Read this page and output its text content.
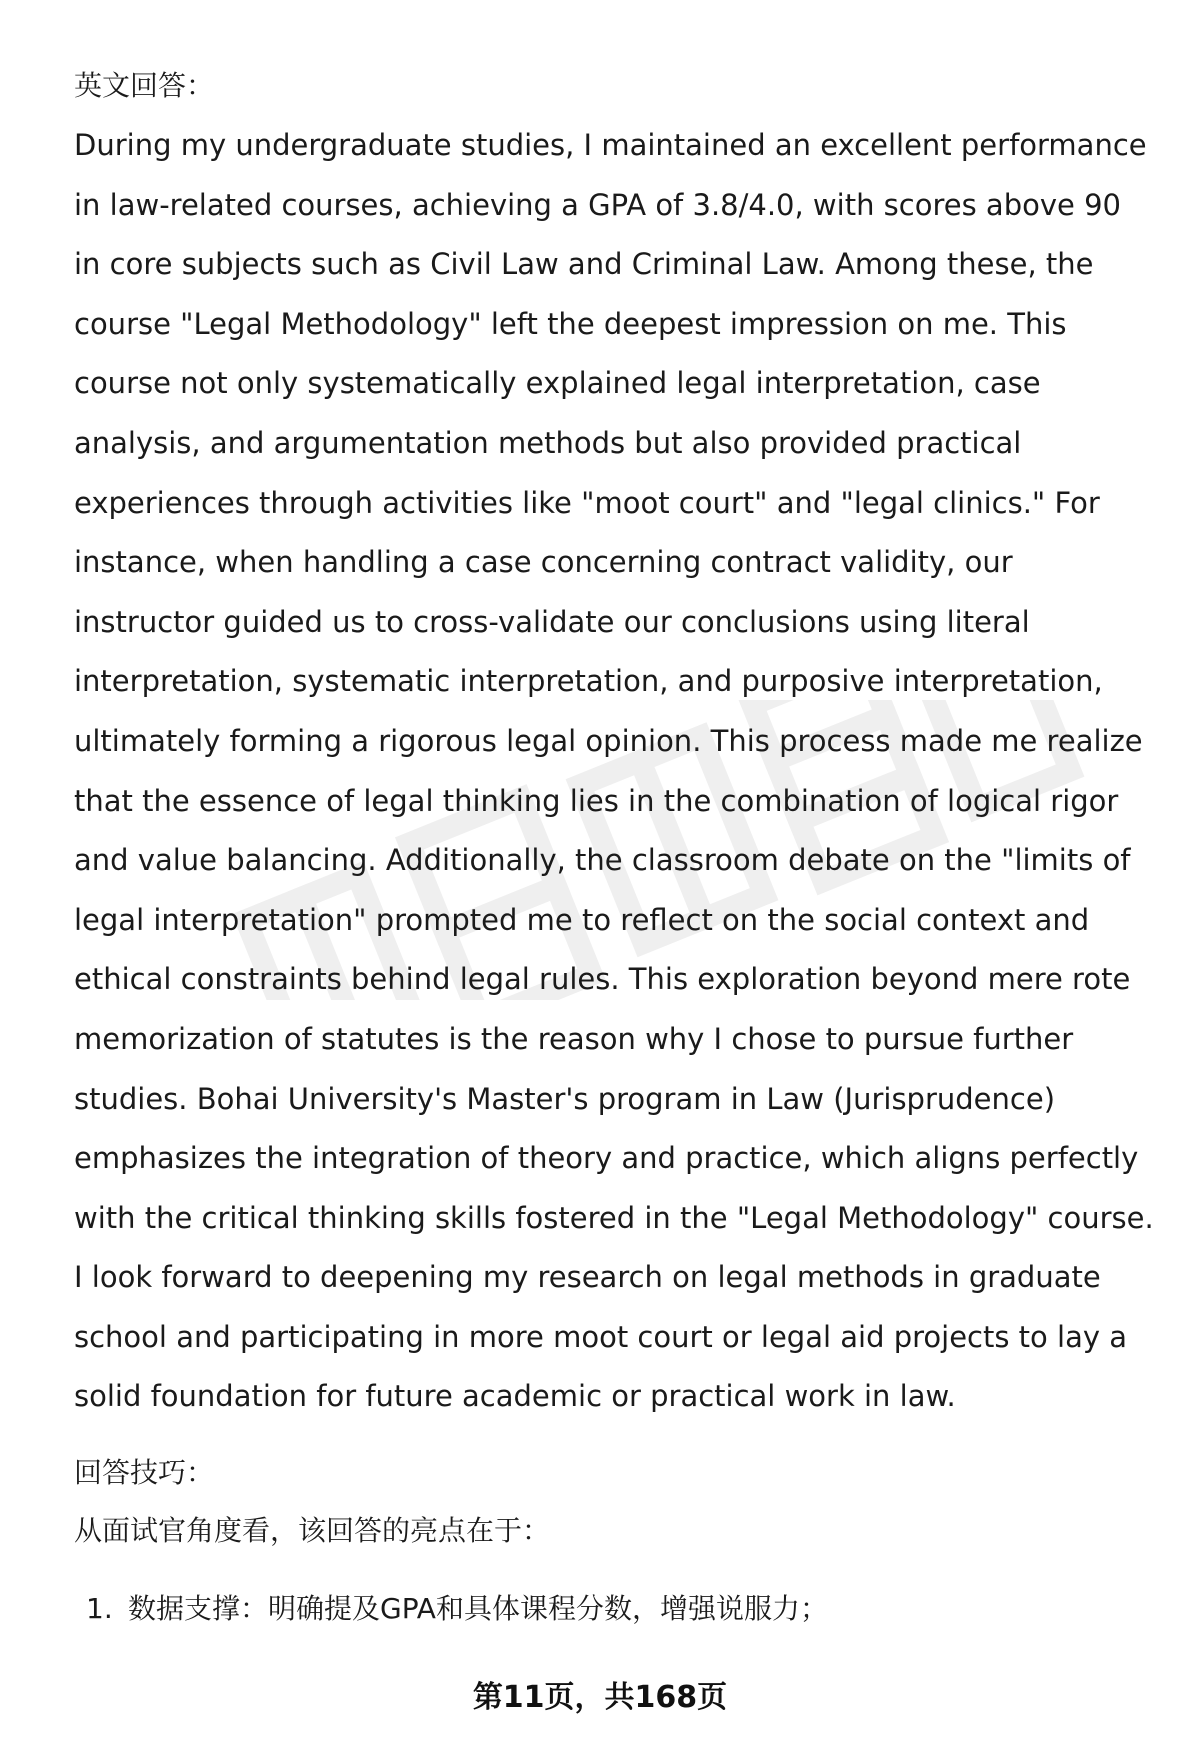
英文回答：

During my undergraduate studies, I maintained an excellent performance in law-related courses, achieving a GPA of 3.8/4.0, with scores above 90 in core subjects such as Civil Law and Criminal Law. Among these, the course "Legal Methodology" left the deepest impression on me. This course not only systematically explained legal interpretation, case analysis, and argumentation methods but also provided practical experiences through activities like "moot court" and "legal clinics." For instance, when handling a case concerning contract validity, our instructor guided us to cross-validate our conclusions using literal interpretation, systematic interpretation, and purposive interpretation, ultimately forming a rigorous legal opinion. This process made me realize that the essence of legal thinking lies in the combination of logical rigor and value balancing. Additionally, the classroom debate on the "limits of legal interpretation" prompted me to reflect on the social context and ethical constraints behind legal rules. This exploration beyond mere rote memorization of statutes is the reason why I chose to pursue further studies. Bohai University's Master's program in Law (Jurisprudence) emphasizes the integration of theory and practice, which aligns perfectly with the critical thinking skills fostered in the "Legal Methodology" course. I look forward to deepening my research on legal methods in graduate school and participating in more moot court or legal aid projects to lay a solid foundation for future academic or practical work in law.

回答技巧：

从面试官角度看，该回答的亮点在于：

1. 数据支撑：明确提及GPA和具体课程分数，增强说服力；
第11页，共168页
